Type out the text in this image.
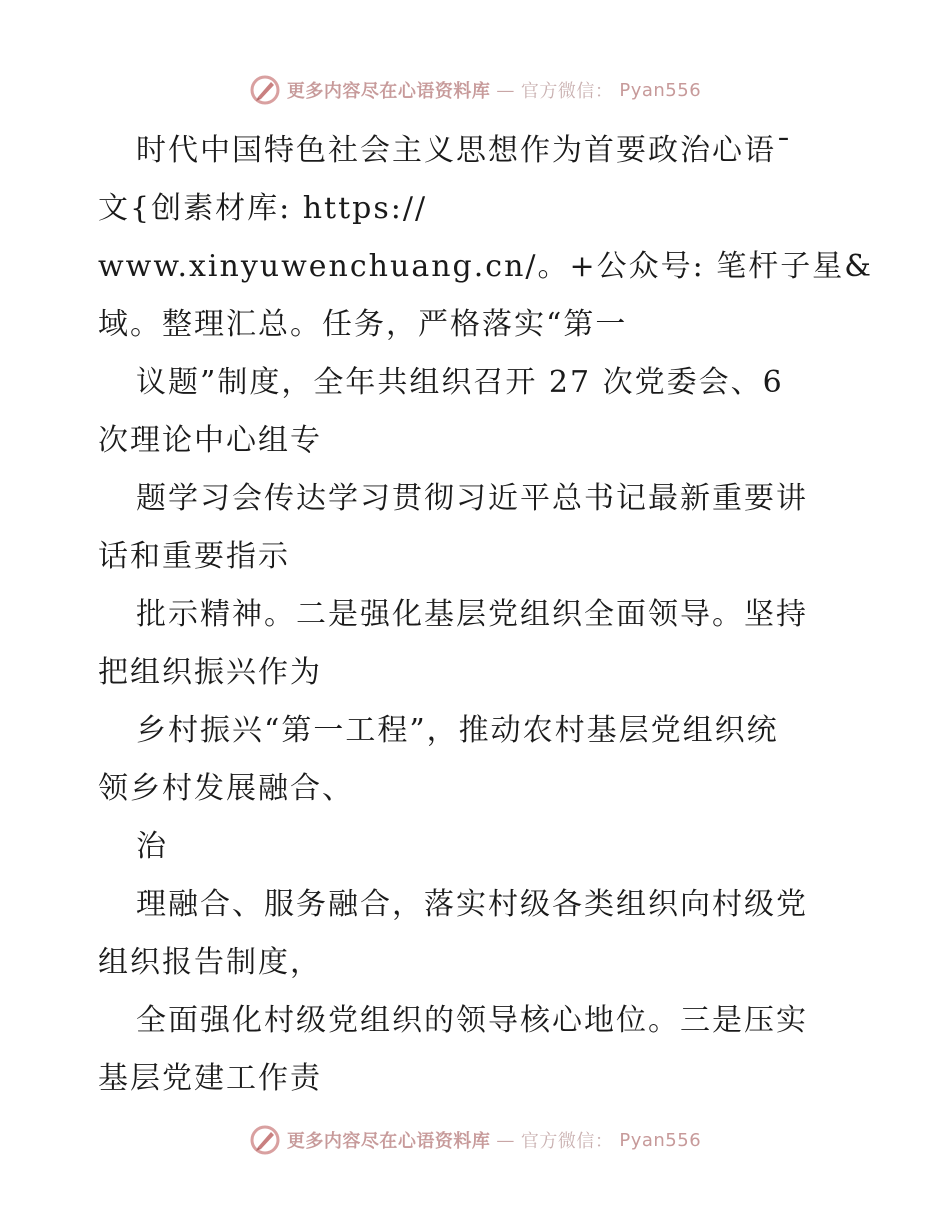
更多内容尽在心语资料库 — 官方微信： Pyan556
时代中国特色社会主义思想作为首要政治心语¯
文{创素材库: https://
www.xinyuwenchuang.cn/。+公众号: 笔杆子星&
域。整理汇总。任务，严格落实“第一
议题”制度，全年共组织召开 27 次党委会、6
次理论中心组专
题学习会传达学习贯彻习近平总书记最新重要讲
话和重要指示
批示精神。二是强化基层党组织全面领导。坚持
把组织振兴作为
乡村振兴“第一工程”，推动农村基层党组织统
领乡村发展融合、
治
理融合、服务融合，落实村级各类组织向村级党
组织报告制度，
全面强化村级党组织的领导核心地位。三是压实
基层党建工作责
更多内容尽在心语资料库 — 官方微信： Pyan556
